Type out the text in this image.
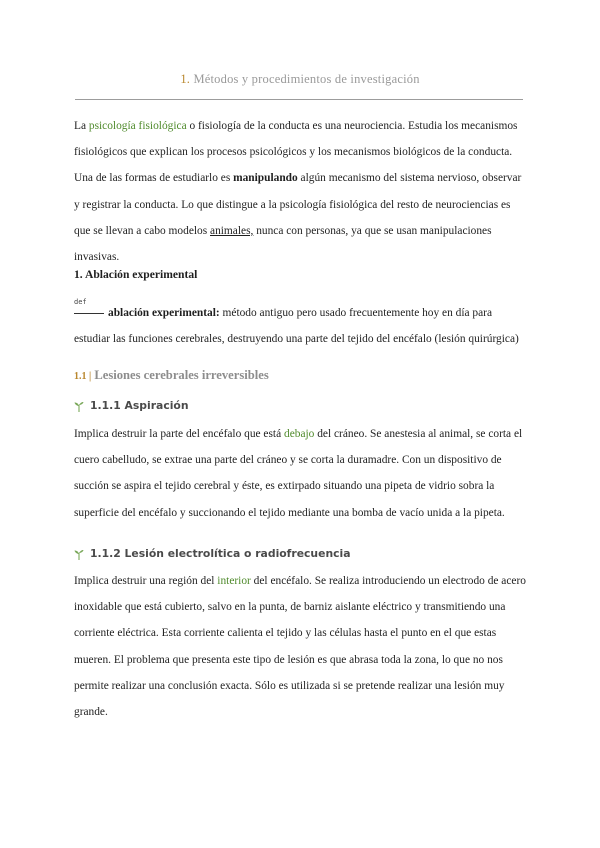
1. Métodos y procedimientos de investigación

La psicología fisiológica o fisiología de la conducta es una neurociencia. Estudia los mecanismos fisiológicos que explican los procesos psicológicos y los mecanismos biológicos de la conducta. Una de las formas de estudiarlo es manipulando algún mecanismo del sistema nervioso, observar y registrar la conducta. Lo que distingue a la psicología fisiológica del resto de neurociencias es que se llevan a cabo modelos animales, nunca con personas, ya que se usan manipulaciones invasivas.

1. Ablación experimental
def

ablación experimental: método antiguo pero usado frecuentemente hoy en día para estudiar las funciones cerebrales, destruyendo una parte del tejido del encéfalo (lesión quirúrgica)

1.1 | Lesiones cerebrales irreversibles
1.1.1 Aspiración

Implica destruir la parte del encéfalo que está debajo del cráneo. Se anestesia al animal, se corta el cuero cabelludo, se extrae una parte del cráneo y se corta la duramadre. Con un dispositivo de succión se aspira el tejido cerebral y éste, es extirpado situando una pipeta de vidrio sobra la superficie del encéfalo y succionando el tejido mediante una bomba de vacío unida a la pipeta.

1.1.2 Lesión electrolítica o radiofrecuencia

Implica destruir una región del interior del encéfalo. Se realiza introduciendo un electrodo de acero inoxidable que está cubierto, salvo en la punta, de barniz aislante eléctrico y transmitiendo una corriente eléctrica. Esta corriente calienta el tejido y las células hasta el punto en el que estas mueren. El problema que presenta este tipo de lesión es que abrasa toda la zona, lo que no nos permite realizar una conclusión exacta. Sólo es utilizada si se pretende realizar una lesión muy grande.
